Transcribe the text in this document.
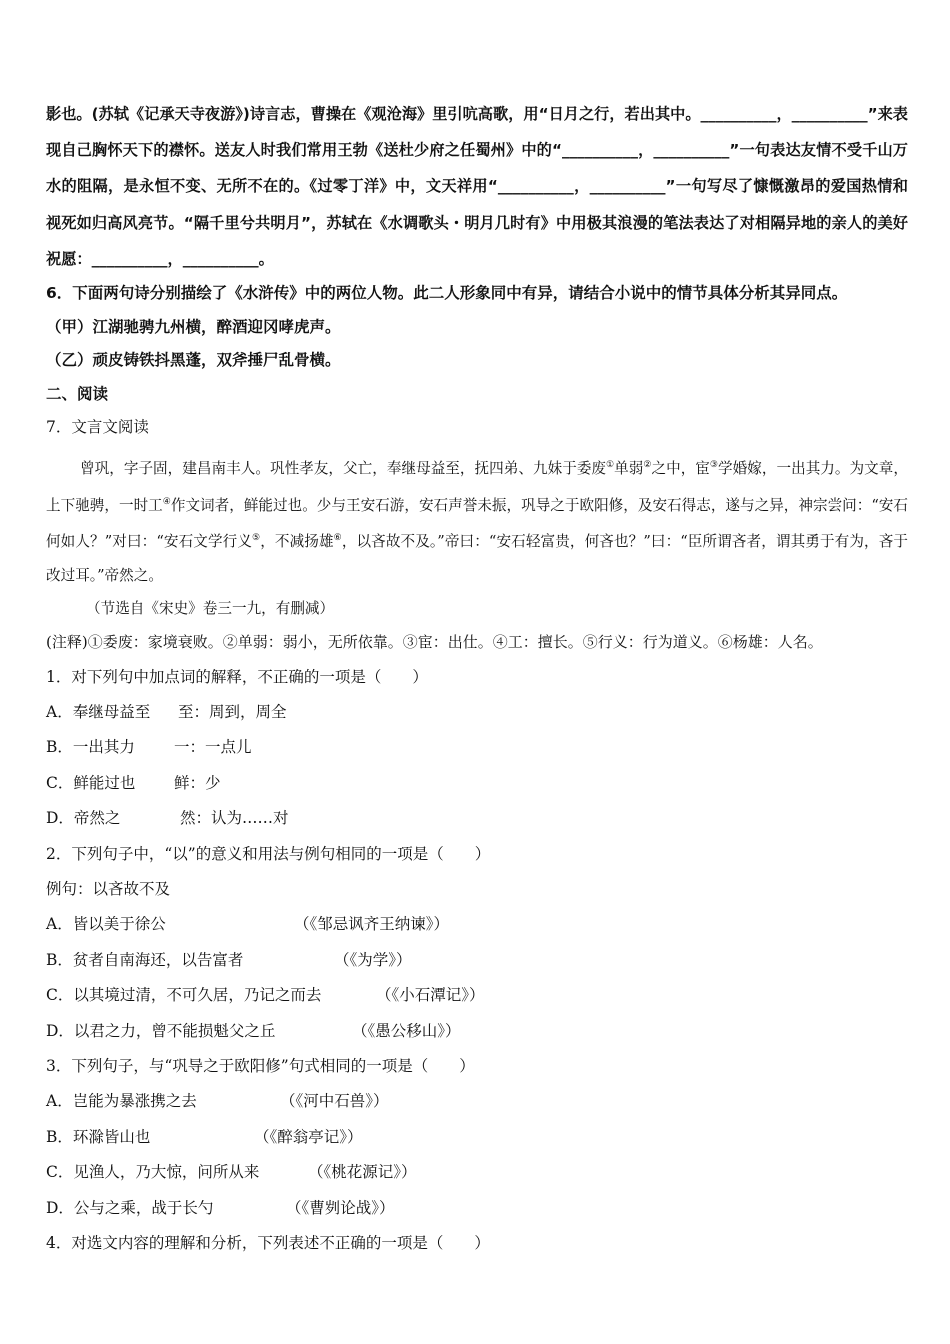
影也。(苏轼《记承天寺夜游》)诗言志，曹操在《观沧海》里引吭高歌，用“日月之行，若出其中。__________，__________”来表现自己胸怀天下的襟怀。送友人时我们常用王勃《送杜少府之任蜀州》中的“__________，__________”一句表达友情不受千山万水的阻隔，是永恒不变、无所不在的。《过零丁洋》中，文天祥用“__________，__________”一句写尽了慷慨激昂的爱国热情和视死如归高风亮节。“隔千里兮共明月”，苏轼在《水调歌头・明月几时有》中用极其浪漫的笔法表达了对相隔异地的亲人的美好祝愿：__________，__________。

6．下面两句诗分别描绘了《水浒传》中的两位人物。此二人形象同中有异，请结合小说中的情节具体分析其异同点。

（甲）江湖驰骋九州横，醉酒迎冈哮虎声。

（乙）顽皮铸铁抖黑蓬，双斧捶尸乱骨横。

二、阅读

7．文言文阅读

曾巩，字子固，建昌南丰人。巩性孝友，父亡，奉继母益至，抚四弟、九妹于委废①单弱②之中，宦③学婚嫁，一出其力。为文章，上下驰骋，一时工④作文词者，鲜能过也。少与王安石游，安石声誉未振，巩导之于欧阳修，及安石得志，遂与之异，神宗尝问：“安石何如人？”对曰：“安石文学行义⑤，不减扬雄⑥，以吝故不及。”帝曰：“安石轻富贵，何吝也？”曰：“臣所谓吝者，谓其勇于有为，吝于改过耳。”帝然之。

（节选自《宋史》卷三一九，有删减）

(注释)①委废：家境衰败。②单弱：弱小，无所依靠。③宦：出仕。④工：擅长。⑤行义：行为道义。⑥杨雄：人名。

1．对下列句中加点词的解释，不正确的一项是（　　）

A．奉继母益至 至：周到，周全

B．一出其力	一：一点儿

C．鲜能过也 鲜：少

D．帝然之	然：认为……对

2．下列句子中，“以”的意义和用法与例句相同的一项是（　　）

例句：以吝故不及

A．皆以美于徐公	（《邹忌讽齐王纳谏》）

B．贫者自南海还，以告富者	（《为学》）

C．以其境过清，不可久居，乃记之而去	（《小石潭记》）

D．以君之力，曾不能损魁父之丘	（《愚公移山》）

3．下列句子，与“巩导之于欧阳修”句式相同的一项是（　　）

A．岂能为暴涨携之去	（《河中石兽》）

B．环滁皆山也	（《醉翁亭记》）

C．见渔人，乃大惊，问所从来	（《桃花源记》）

D．公与之乘，战于长勺	（《曹刿论战》）

4．对选文内容的理解和分析，下列表述不正确的一项是（　　）
